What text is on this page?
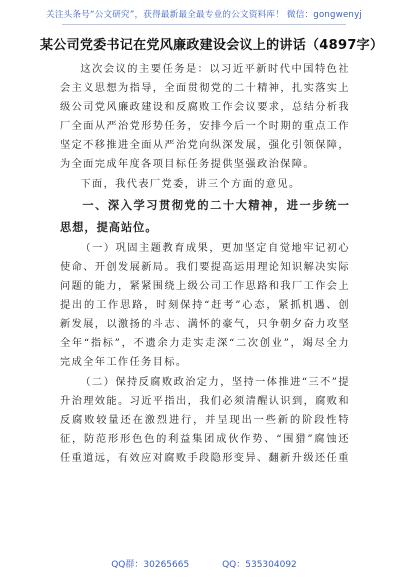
关注头条号“公文研究”，获得最新最全最专业的公文资料库！ 微信：gongwenyj
某公司党委书记在党风廉政建设会议上的讲话（4897字）

这次会议的主要任务是：以习近平新时代中国特色社会主义思想为指导，全面贯彻党的二十精神，扎实落实上级公司党风廉政建设和反腐败工作会议要求，总结分析我厂全面从严治党形势任务，安排今后一个时期的重点工作坚定不移推进全面从严治党向纵深发展，强化引领保障，为全面完成年度各项目标任务提供坚强政治保障。

下面，我代表厂党委，讲三个方面的意见。

一、深入学习贯彻党的二十大精神，进一步统一思想，提高站位。

（一）巩固主题教育成果，更加坚定自觉地牢记初心使命、开创发展新局。我们要提高运用理论知识解决实际问题的能力，紧紧围绕上级公司工作思路和我厂工作会上提出的工作思路，时刻保持“赶考”心态，紧抓机遇、创新发展，以激扬的斗志、满怀的豪气，只争朝夕奋力攻坚全年“指标”，不遗余力走实走深“二次创业”，竭尽全力完成全年工作任务目标。

（二）保持反腐败政治定力，坚持一体推进“三不”提升治理效能。习近平指出，我们必须清醒认识到，腐败和反腐败较量还在激烈进行，并呈现出一些新的阶段性特征，防范形形色色的利益集团成伙作势、“围猎”腐蚀还任重道远，有效应对腐败手段隐形变异、翻新升级还任重

QQ群：30265665	QQ：535304092
